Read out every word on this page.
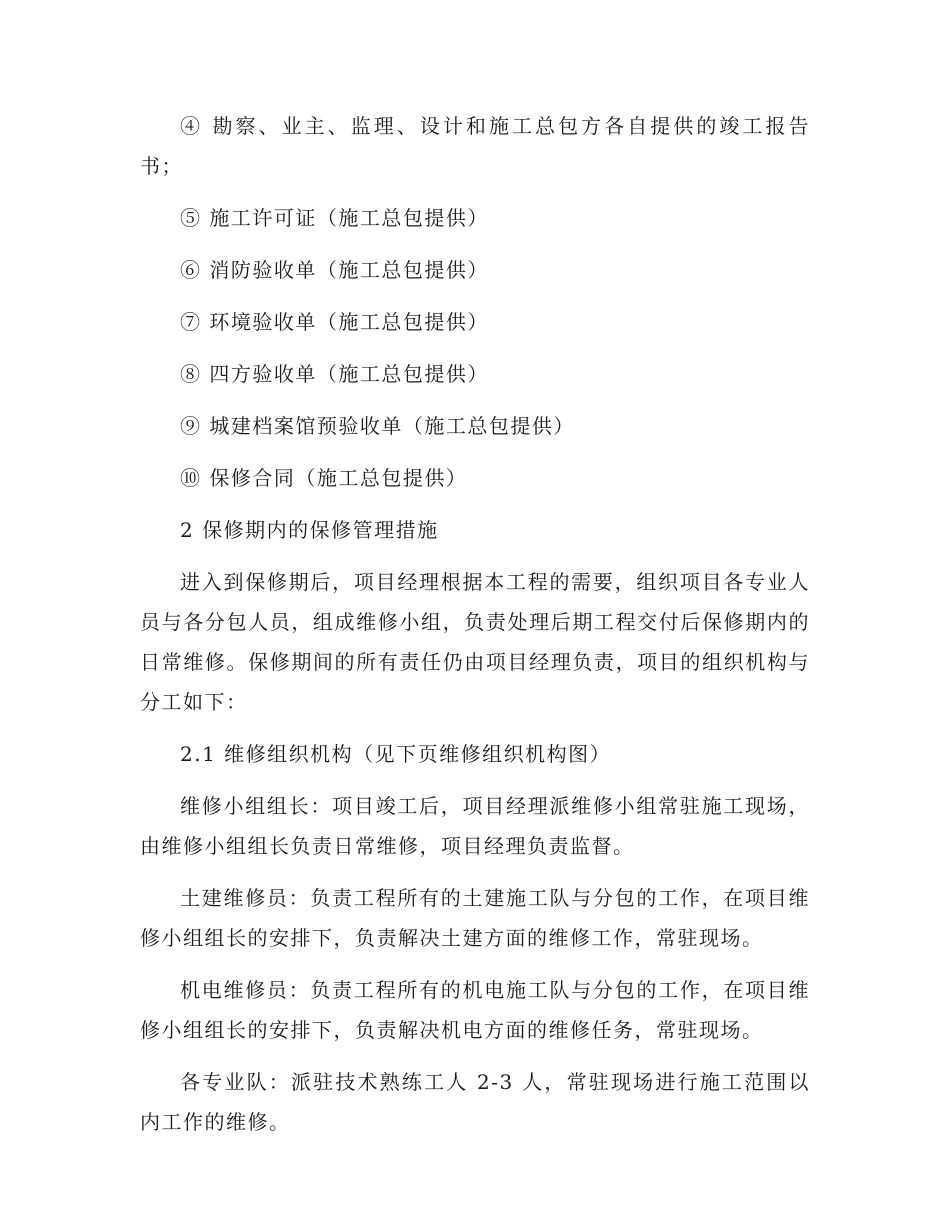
④ 勘察、业主、监理、设计和施工总包方各自提供的竣工报告书；

⑤ 施工许可证（施工总包提供）

⑥ 消防验收单（施工总包提供）

⑦ 环境验收单（施工总包提供）

⑧ 四方验收单（施工总包提供）

⑨ 城建档案馆预验收单（施工总包提供）

⑩ 保修合同（施工总包提供）

2 保修期内的保修管理措施

进入到保修期后，项目经理根据本工程的需要，组织项目各专业人员与各分包人员，组成维修小组，负责处理后期工程交付后保修期内的日常维修。保修期间的所有责任仍由项目经理负责，项目的组织机构与分工如下：

2.1 维修组织机构（见下页维修组织机构图）

维修小组组长：项目竣工后，项目经理派维修小组常驻施工现场，由维修小组组长负责日常维修，项目经理负责监督。

土建维修员：负责工程所有的土建施工队与分包的工作，在项目维修小组组长的安排下，负责解决土建方面的维修工作，常驻现场。

机电维修员：负责工程所有的机电施工队与分包的工作，在项目维修小组组长的安排下，负责解决机电方面的维修任务，常驻现场。

各专业队：派驻技术熟练工人 2-3 人，常驻现场进行施工范围以内工作的维修。
